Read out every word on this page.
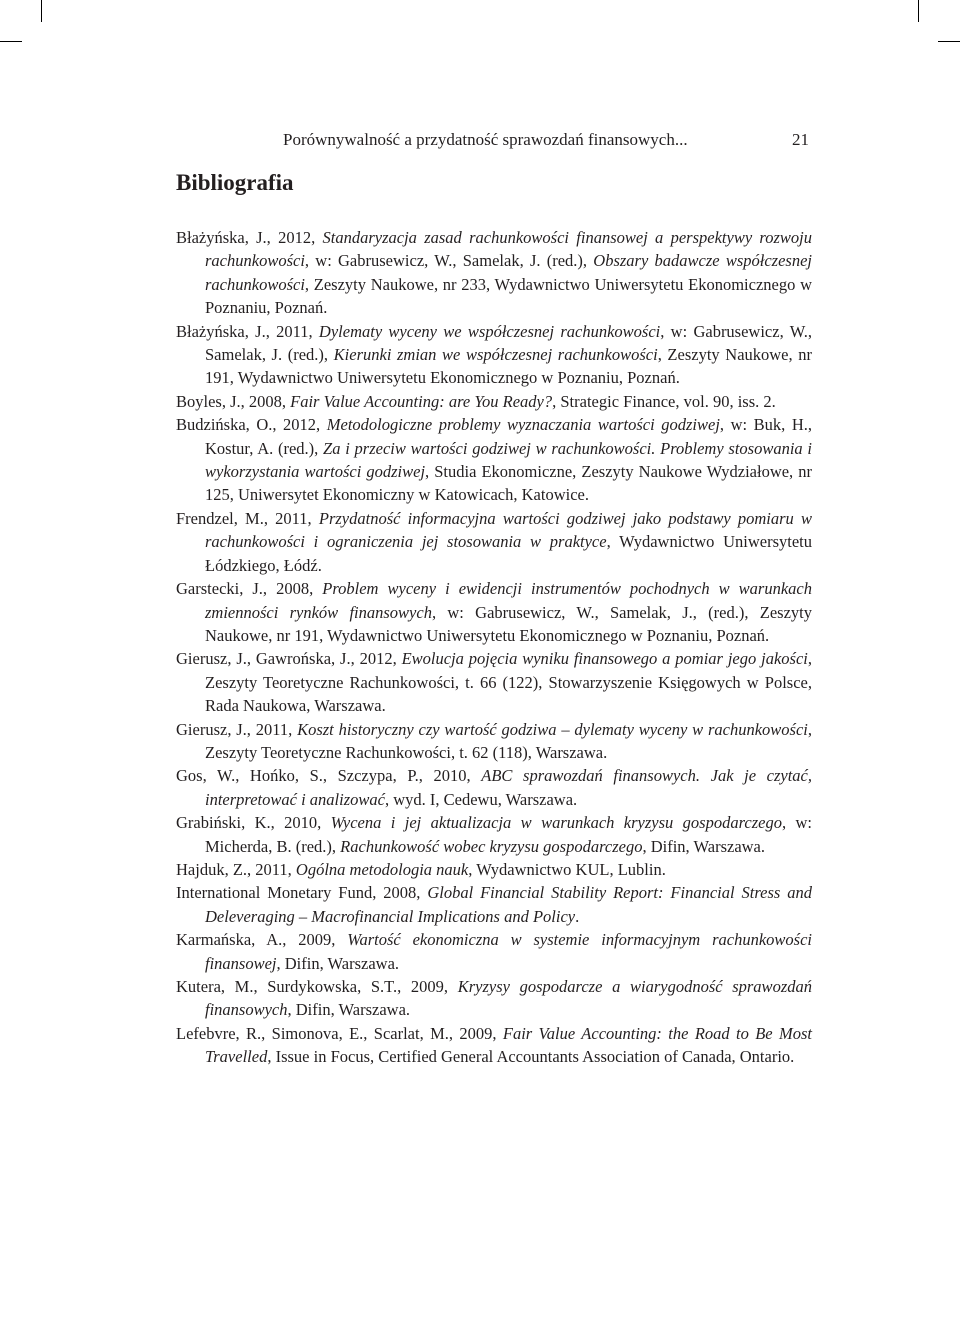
Porównywalność a przydatność sprawozdań finansowych...	21
Bibliografia
Błażyńska, J., 2012, Standaryzacja zasad rachunkowości finansowej a perspektywy rozwoju rachunkowości, w: Gabrusewicz, W., Samelak, J. (red.), Obszary badawcze współczesnej rachunkowości, Zeszyty Naukowe, nr 233, Wydawnictwo Uniwersytetu Ekonomicznego w Poznaniu, Poznań.
Błażyńska, J., 2011, Dylematy wyceny we współczesnej rachunkowości, w: Gabrusewicz, W., Samelak, J. (red.), Kierunki zmian we współczesnej rachunkowości, Zeszyty Naukowe, nr 191, Wydawnictwo Uniwersytetu Ekonomicznego w Poznaniu, Poznań.
Boyles, J., 2008, Fair Value Accounting: are You Ready?, Strategic Finance, vol. 90, iss. 2.
Budzińska, O., 2012, Metodologiczne problemy wyznaczania wartości godziwej, w: Buk, H., Kostur, A. (red.), Za i przeciw wartości godziwej w rachunkowości. Problemy stosowania i wykorzystania wartości godziwej, Studia Ekonomiczne, Zeszyty Naukowe Wydziałowe, nr 125, Uniwersytet Ekonomiczny w Katowicach, Katowice.
Frendzel, M., 2011, Przydatność informacyjna wartości godziwej jako podstawy pomiaru w rachunkowości i ograniczenia jej stosowania w praktyce, Wydawnictwo Uniwersytetu Łódzkiego, Łódź.
Garstecki, J., 2008, Problem wyceny i ewidencji instrumentów pochodnych w warunkach zmienności rynków finansowych, w: Gabrusewicz, W., Samelak, J., (red.), Zeszyty Naukowe, nr 191, Wydawnictwo Uniwersytetu Ekonomicznego w Poznaniu, Poznań.
Gierusz, J., Gawrońska, J., 2012, Ewolucja pojęcia wyniku finansowego a pomiar jego jakości, Zeszyty Teoretyczne Rachunkowości, t. 66 (122), Stowarzyszenie Księgowych w Polsce, Rada Naukowa, Warszawa.
Gierusz, J., 2011, Koszt historyczny czy wartość godziwa – dylematy wyceny w rachunkowości, Zeszyty Teoretyczne Rachunkowości, t. 62 (118), Warszawa.
Gos, W., Hońko, S., Szczypa, P., 2010, ABC sprawozdań finansowych. Jak je czytać, interpretować i analizować, wyd. I, Cedewu, Warszawa.
Grabiński, K., 2010, Wycena i jej aktualizacja w warunkach kryzysu gospodarczego, w: Micherda, B. (red.), Rachunkowość wobec kryzysu gospodarczego, Difin, Warszawa.
Hajduk, Z., 2011, Ogólna metodologia nauk, Wydawnictwo KUL, Lublin.
International Monetary Fund, 2008, Global Financial Stability Report: Financial Stress and Deleveraging – Macrofinancial Implications and Policy.
Karmańska, A., 2009, Wartość ekonomiczna w systemie informacyjnym rachunkowości finansowej, Difin, Warszawa.
Kutera, M., Surdykowska, S.T., 2009, Kryzysy gospodarcze a wiarygodność sprawozdań finansowych, Difin, Warszawa.
Lefebvre, R., Simonova, E., Scarlat, M., 2009, Fair Value Accounting: the Road to Be Most Travelled, Issue in Focus, Certified General Accountants Association of Canada, Ontario.
